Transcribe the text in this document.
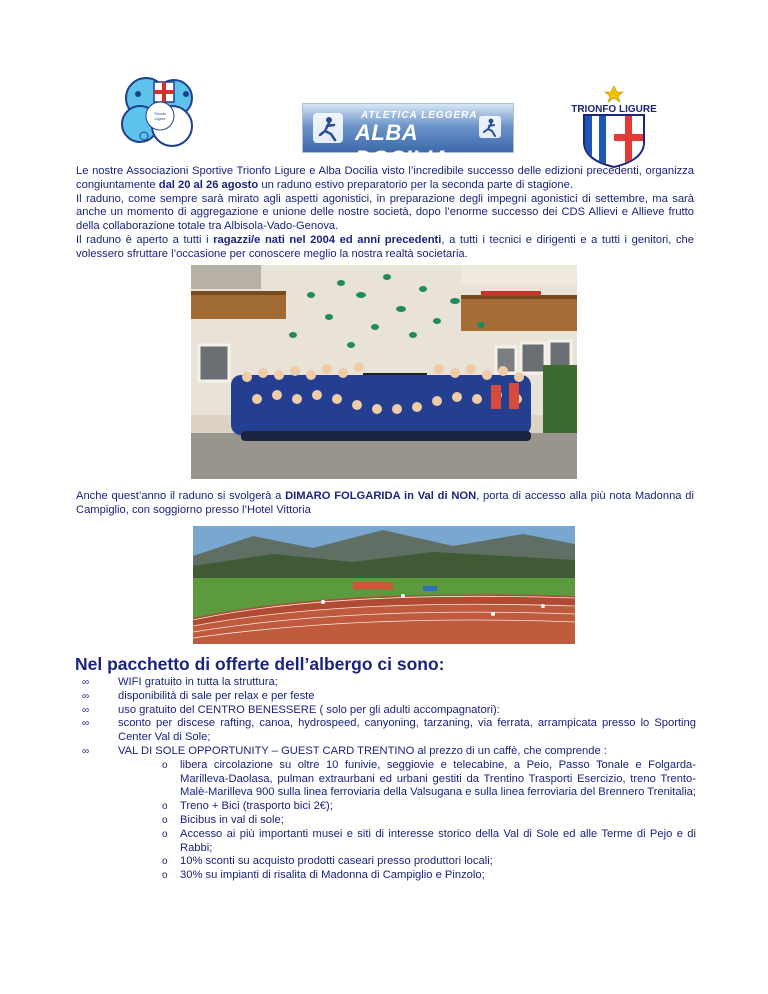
Trionfo
Ligure	ATLETICA LEGGERA
ALBA DOCILIA
TRIONFO LIGURE

Le nostre Associazioni Sportive Trionfo Ligure e Alba Docilia visto l’incredibile successo delle edizioni precedenti, organizza congiuntamente dal 20 al 26 agosto un raduno estivo preparatorio per la seconda parte di stagione.
Il raduno, come sempre sarà mirato agli aspetti agonistici, in preparazione degli impegni agonistici di settembre, ma sarà anche un momento di aggregazione e unione delle nostre società, dopo l’enorme successo dei CDS Allievi e Allieve frutto della collaborazione totale tra Albisola-Vado-Genova.
Il raduno è aperto a tutti i ragazzi/e nati nel 2004 ed anni precedenti, a tutti i tecnici e dirigenti e a tutti i genitori, che volessero sfruttare l’occasione per conoscere meglio la nostra realtà societaria.

Anche quest’anno il raduno si svolgerà a DIMARO FOLGARIDA in Val di NON, porta di accesso alla più nota Madonna di Campiglio, con soggiorno presso l’Hotel Vittoria

Nel pacchetto di offerte dell’albergo ci sono:
∞	WIFI gratuito in tutta la struttura;
∞	disponibilità di sale per relax e per feste
∞	uso gratuito del CENTRO BENESSERE ( solo per gli adulti accompagnatori):
∞	sconto per discese rafting, canoa, hydrospeed, canyoning, tarzaning, via ferrata, arrampicata presso lo Sporting Center Val di Sole;
∞	VAL DI SOLE OPPORTUNITY – GUEST CARD TRENTINO al prezzo di un caffè, che comprende :
o libera circolazione su oltre 10 funivie, seggiovie e telecabine, a Peio, Passo Tonale e Folgarda-Marilleva-Daolasa, pulman extraurbani ed urbani gestiti da Trentino Trasporti Esercizio, treno Trento-Malè-Marilleva 900 sulla linea ferroviaria della Valsugana e sulla linea ferroviaria del Brennero Trenitalia;
o Treno + Bici (trasporto bici 2€);
o Bicibus in val di sole;
o Accesso ai più importanti musei e siti di interesse storico della Val di Sole ed alle Terme di Pejo e di Rabbi;
o 10% sconti su acquisto prodotti caseari presso produttori locali;
o 30% su impianti di risalita di Madonna di Campiglio e Pinzolo;
